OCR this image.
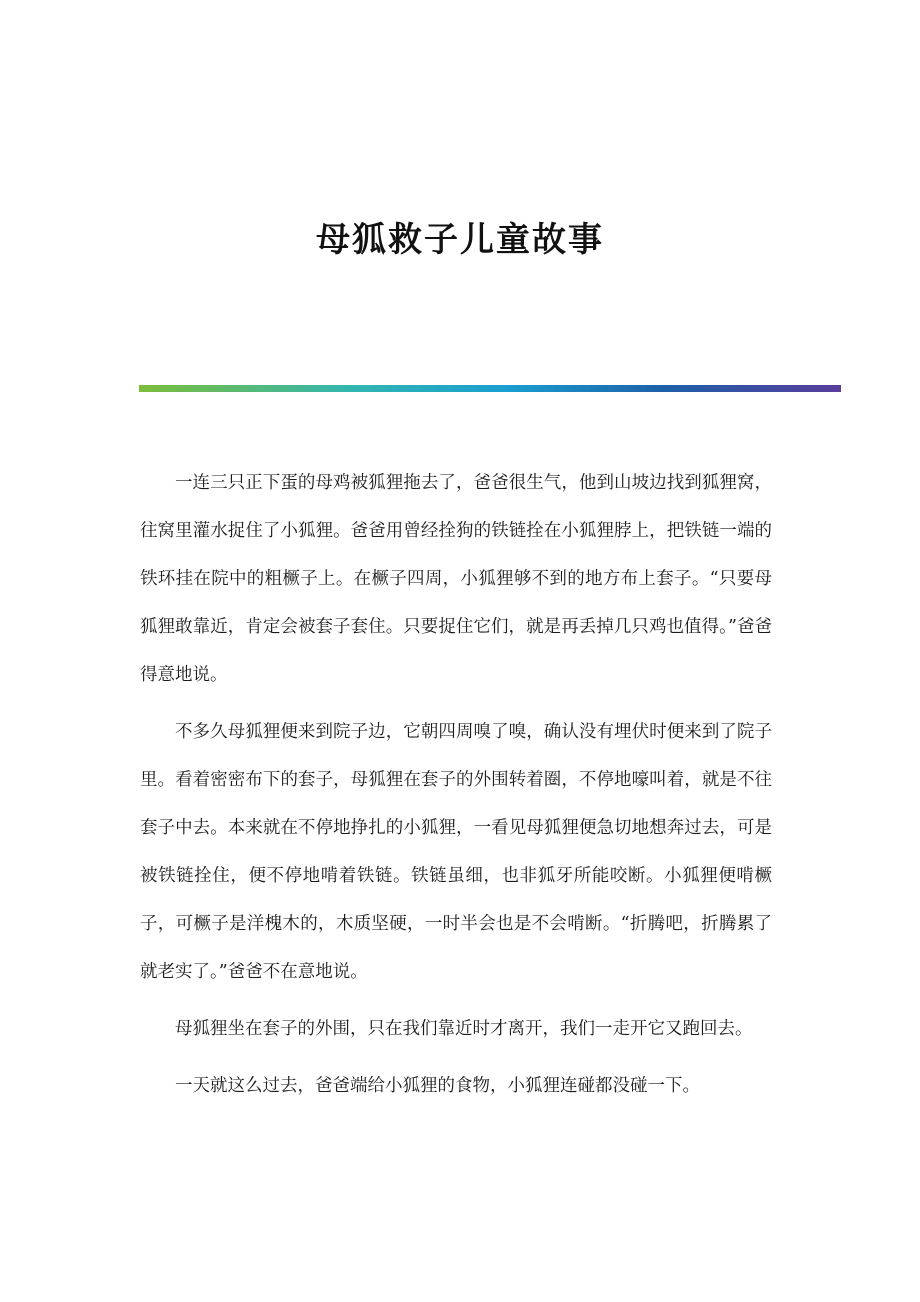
母狐救子儿童故事

一连三只正下蛋的母鸡被狐狸拖去了，爸爸很生气，他到山坡边找到狐狸窝，往窝里灌水捉住了小狐狸。爸爸用曾经拴狗的铁链拴在小狐狸脖上，把铁链一端的铁环挂在院中的粗橛子上。在橛子四周，小狐狸够不到的地方布上套子。“只要母狐狸敢靠近，肯定会被套子套住。只要捉住它们，就是再丢掉几只鸡也值得。”爸爸得意地说。

不多久母狐狸便来到院子边，它朝四周嗅了嗅，确认没有埋伏时便来到了院子里。看着密密布下的套子，母狐狸在套子的外围转着圈，不停地嚎叫着，就是不往套子中去。本来就在不停地挣扎的小狐狸，一看见母狐狸便急切地想奔过去，可是被铁链拴住，便不停地啃着铁链。铁链虽细，也非狐牙所能咬断。小狐狸便啃橛子，可橛子是洋槐木的，木质坚硬，一时半会也是不会啃断。“折腾吧，折腾累了就老实了。”爸爸不在意地说。

母狐狸坐在套子的外围，只在我们靠近时才离开，我们一走开它又跑回去。

一天就这么过去，爸爸端给小狐狸的食物，小狐狸连碰都没碰一下。
